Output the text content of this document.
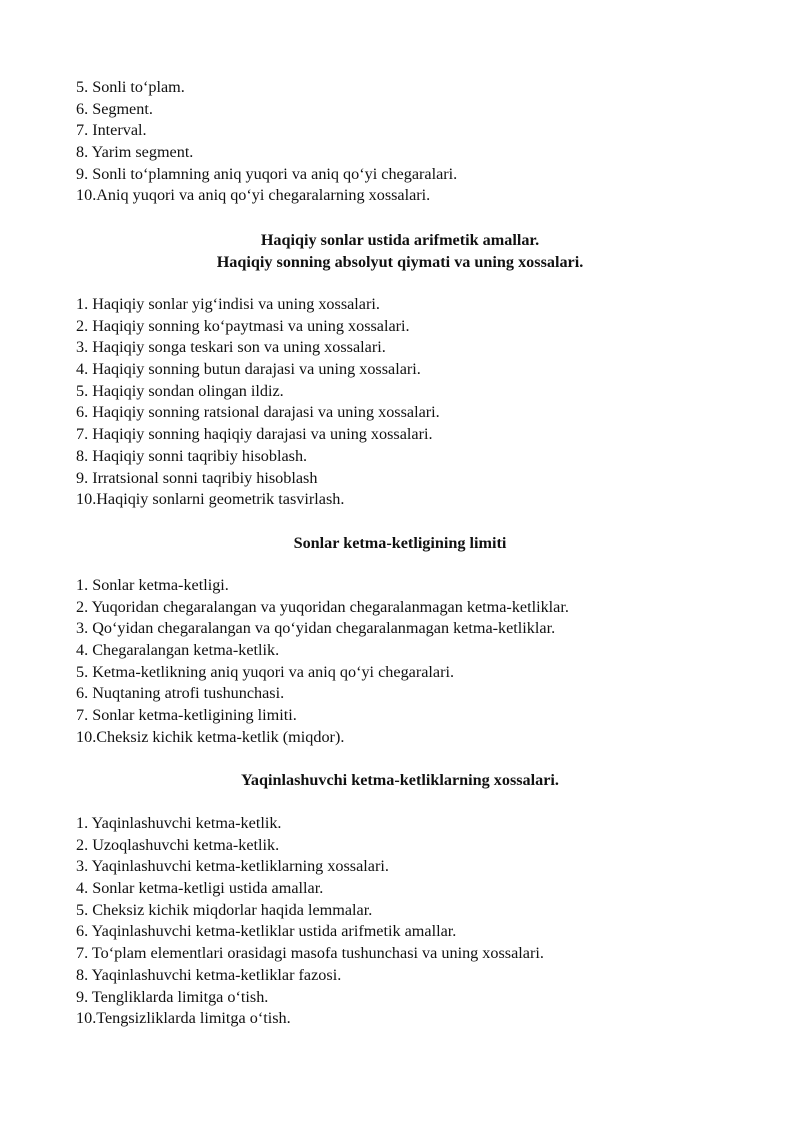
5. Sonli to‘plam.
6. Segment.
7. Interval.
8. Yarim segment.
9. Sonli to‘plamning aniq yuqori va aniq qo‘yi chegaralari.
10.Aniq yuqori va aniq qo‘yi chegaralarning xossalari.
Haqiqiy sonlar ustida arifmetik amallar.
Haqiqiy sonning absolyut qiymati va uning xossalari.
1. Haqiqiy sonlar yig‘indisi va uning xossalari.
2. Haqiqiy sonning ko‘paytmasi va uning xossalari.
3. Haqiqiy songa teskari son va uning xossalari.
4. Haqiqiy sonning butun darajasi va uning xossalari.
5. Haqiqiy sondan olingan ildiz.
6. Haqiqiy sonning ratsional darajasi va uning xossalari.
7. Haqiqiy sonning haqiqiy darajasi va uning xossalari.
8. Haqiqiy sonni taqribiy hisoblash.
9. Irratsional sonni taqribiy hisoblash
10.Haqiqiy sonlarni geometrik tasvirlash.
Sonlar ketma-ketligining limiti
1. Sonlar ketma-ketligi.
2. Yuqoridan chegaralangan va yuqoridan chegaralanmagan ketma-ketliklar.
3. Qo‘yidan chegaralangan va qo‘yidan chegaralanmagan ketma-ketliklar.
4. Chegaralangan ketma-ketlik.
5. Ketma-ketlikning aniq yuqori va aniq qo‘yi chegaralari.
6. Nuqtaning atrofi tushunchasi.
7. Sonlar ketma-ketligining limiti.
10.Cheksiz kichik ketma-ketlik (miqdor).
Yaqinlashuvchi ketma-ketliklarning xossalari.
1. Yaqinlashuvchi ketma-ketlik.
2. Uzoqlashuvchi ketma-ketlik.
3. Yaqinlashuvchi ketma-ketliklarning xossalari.
4. Sonlar ketma-ketligi ustida amallar.
5. Cheksiz kichik miqdorlar haqida lemmalar.
6. Yaqinlashuvchi ketma-ketliklar ustida arifmetik amallar.
7. To‘plam elementlari orasidagi masofa tushunchasi va uning xossalari.
8. Yaqinlashuvchi ketma-ketliklar fazosi.
9. Tengliklarda limitga o‘tish.
10.Tengsizliklarda limitga o‘tish.
